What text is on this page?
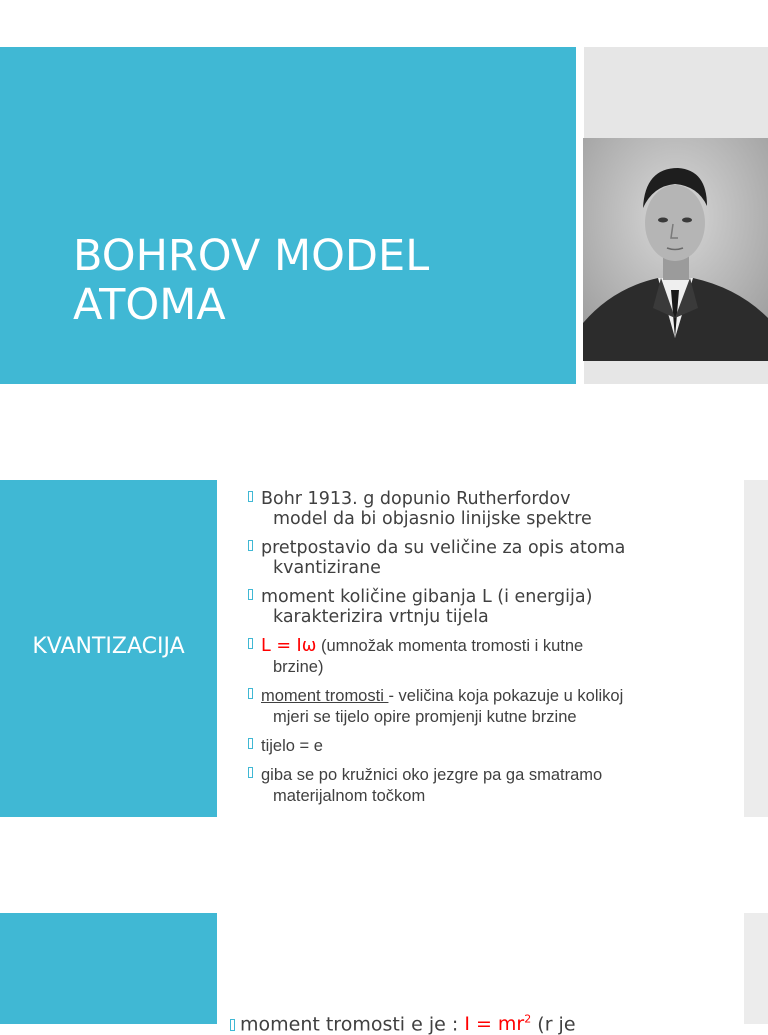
BOHROV MODEL ATOMA
KVANTIZACIJA
Bohr 1913. g dopunio Rutherfordov
model da bi objasnio linijske spektre
pretpostavio da su veličine za opis atoma
kvantizirane
moment količine gibanja L (i energija)
karakterizira vrtnju tijela
L = Iω (umnožak momenta tromosti i kutne
brzine)
moment tromosti - veličina koja pokazuje u kolikoj
mjeri se tijelo opire promjenji kutne brzine
tijelo = e
giba se po kružnici oko jezgre pa ga smatramo
materijalnom točkom
moment tromosti e je : $I = mr^2$ (r je
